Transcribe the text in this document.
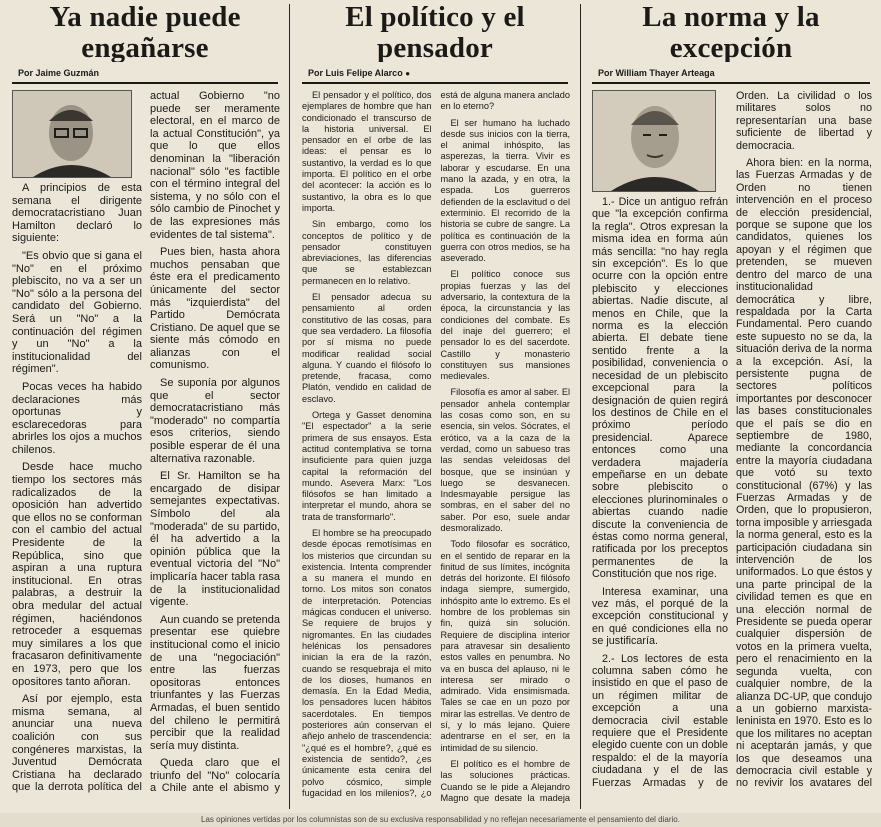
Ya nadie puede engañarse
Por Jaime Guzmán

A principios de esta semana el dirigente democratacristiano Juan Hamilton declaró lo siguiente:

"Es obvio que si gana el "No" en el próximo plebiscito, no va a ser un "No" sólo a la persona del candidato del Gobierno. Será un "No" a la continuación del régimen y un "No" a la institucionalidad del régimen".

Pocas veces ha habido declaraciones más oportunas y esclarecedoras para abrirles los ojos a muchos chilenos.

Desde hace mucho tiempo los sectores más radicalizados de la oposición han advertido que ellos no se conforman con el cambio del actual Presidente de la República, sino que aspiran a una ruptura institucional. En otras palabras, a destruir la obra medular del actual régimen, haciéndonos retroceder a esquemas muy similares a los que fracasaron definitivamente en 1973, pero que los opositores tanto añoran.

Así por ejemplo, esta misma semana, al anunciar una nueva coalición con sus congéneres marxistas, la Juventud Demócrata Cristiana ha declarado que la derrota política del actual Gobierno "no puede ser meramente electoral, en el marco de la actual Constitución", ya que lo que ellos denominan la "liberación nacional" sólo "es factible con el término integral del sistema, y no sólo con el sólo cambio de Pinochet y de las expresiones más evidentes de tal sistema".

Pues bien, hasta ahora muchos pensaban que éste era el predicamento únicamente del sector más "izquierdista" del Partido Demócrata Cristiano. De aquel que se siente más cómodo en alianzas con el comunismo.

Se suponía por algunos que el sector democratacristiano más "moderado" no compartía esos criterios, siendo posible esperar de él una alternativa razonable.

El Sr. Hamilton se ha encargado de disipar semejantes expectativas. Símbolo del ala "moderada" de su partido, él ha advertido a la opinión pública que la eventual victoria del "No" implicaría hacer tabla rasa de la institucionalidad vigente.

Aun cuando se pretenda presentar ese quiebre institucional como el inicio de una "negociación" entre las fuerzas opositoras entonces triunfantes y las Fuerzas Armadas, el buen sentido del chileno le permitirá percibir que la realidad sería muy distinta.

Queda claro que el triunfo del "No" colocaría a Chile ante el abismo y

El político y el pensador
Por Luis Felipe Alarco ●

El pensador y el político, dos ejemplares de hombre que han condicionado el transcurso de la historia universal. El pensador en el orbe de las ideas: el pensar es lo sustantivo, la verdad es lo que importa. El político en el orbe del acontecer: la acción es lo sustantivo, la obra es lo que importa.

Sin embargo, como los conceptos de político y de pensador constituyen abreviaciones, las diferencias que se establezcan permanecen en lo relativo.

El pensador adecua su pensamiento al orden constitutivo de las cosas, para que sea verdadero. La filosofía por sí misma no puede modificar realidad social alguna. Y cuando el filósofo lo pretende, fracasa, como Platón, vendido en calidad de esclavo.

Ortega y Gasset denomina "El espectador" a la serie primera de sus ensayos. Esta actitud contemplativa se torna insuficiente para quien juzga capital la reformación del mundo. Asevera Marx: "Los filósofos se han limitado a interpretar el mundo, ahora se trata de transformarlo".

El hombre se ha preocupado desde épocas remotísimas en los misterios que circundan su existencia. Intenta comprender a su manera el mundo en torno. Los mitos son conatos de interpretación. Potencias mágicas conducen el universo. Se requiere de brujos y nigromantes. En las ciudades helénicas los pensadores inician la era de la razón, cuando se resquebraja el mito de los dioses, humanos en demasía. En la Edad Media, los pensadores lucen hábitos sacerdotales. En tiempos posteriores aún conservan el añejo anhelo de trascendencia: "¿qué es el hombre?, ¿qué es existencia de sentido?, ¿es únicamente esta cenira del polvo cósmico, simple fugacidad en los milenios?, ¿o está de alguna manera anclado en lo eterno?

El ser humano ha luchado desde sus inicios con la tierra, el animal inhóspito, las asperezas, la tierra. Vivir es laborar y escudarse. En una mano la azada, y en otra, la espada. Los guerreros defienden de la esclavitud o del exterminio. El recorrido de la historia se cubre de sangre. La política es continuación de la guerra con otros medios, se ha aseverado.

El político conoce sus propias fuerzas y las del adversario, la contextura de la época, la circunstancia y las condiciones del combate. Es del inaje del guerrero; el pensador lo es del sacerdote. Castillo y monasterio constituyen sus mansiones medievales.

Filosofía es amor al saber. El pensador anhela contemplar las cosas como son, en su esencia, sin velos. Sócrates, el erótico, va a la caza de la verdad, como un sabueso tras las sendas veleidosas del bosque, que se insinúan y luego se desvanecen. Indesmayable persigue las sombras, en el saber del no saber. Por eso, suele andar desmoralizado.

Todo filosofar es socrático, en el sentido de reparar en la finitud de sus límites, incógnita detrás del horizonte. El filósofo indaga siempre, sumergido, inhóspito ante lo extremo. Es el hombre de los problemas sin fin, quizá sin solución. Requiere de disciplina interior para atravesar sin desaliento estos valles en penumbra. No va en busca del aplauso, ni le interesa ser mirado o admirado. Vida ensimismada. Tales se cae en un pozo por mirar las estrellas. Ve dentro de sí, y lo más lejano. Quiere adentrarse en el ser, en la intimidad de su silencio.

El político es el hombre de las soluciones prácticas. Cuando se le pide a Alejandro Magno que desate la madeja

La norma y la excepción
Por William Thayer Arteaga

1.- Dice un antiguo refrán que "la excepción confirma la regla". Otros expresan la misma idea en forma aún más sencilla: "no hay regla sin excepción". Es lo que ocurre con la opción entre plebiscito y elecciones abiertas. Nadie discute, al menos en Chile, que la norma es la elección abierta. El debate tiene sentido frente a la posibilidad, conveniencia o necesidad de un plebiscito excepcional para la designación de quien regirá los destinos de Chile en el próximo período presidencial. Aparece entonces como una verdadera majadería empeñarse en un debate sobre plebiscito o elecciones plurinominales o abiertas cuando nadie discute la conveniencia de éstas como norma general, ratificada por los preceptos permanentes de la Constitución que nos rige.

Interesa examinar, una vez más, el porqué de la excepción constitucional y en qué condiciones ella no se justificaría.

2.- Los lectores de esta columna saben cómo he insistido en que el paso de un régimen militar de excepción a una democracia civil estable requiere que el Presidente elegido cuente con un doble respaldo: el de la mayoría ciudadana y el de las Fuerzas Armadas y de Orden. La civilidad o los militares solos no representarían una base suficiente de libertad y democracia.

Ahora bien: en la norma, las Fuerzas Armadas y de Orden no tienen intervención en el proceso de elección presidencial, porque se supone que los candidatos, quienes los apoyan y el régimen que pretenden, se mueven dentro del marco de una institucionalidad democrática y libre, respaldada por la Carta Fundamental. Pero cuando este supuesto no se da, la situación deriva de la norma a la excepción. Así, la persistente pugna de sectores políticos importantes por desconocer las bases constitucionales que el país se dio en septiembre de 1980, mediante la concordancia entre la mayoría ciudadana que votó su texto constitucional (67%) y las Fuerzas Armadas y de Orden, que lo propusieron, torna imposible y arriesgada la norma general, esto es la participación ciudadana sin intervención de los uniformados. Lo que éstos y una parte principal de la civilidad temen es que en una elección normal de Presidente se pueda operar cualquier dispersión de votos en la primera vuelta, pero el renacimiento en la segunda vuelta, con cualquier nombre, de la alianza DC-UP, que condujo a un gobierno marxista-leninista en 1970. Esto es lo que los militares no aceptan ni aceptarán jamás, y que los que deseamos una democracia civil estable y no revivir los avatares del

Las opiniones vertidas por los columnistas son de su exclusiva responsabilidad y no reflejan necesariamente el pensamiento del diario.
